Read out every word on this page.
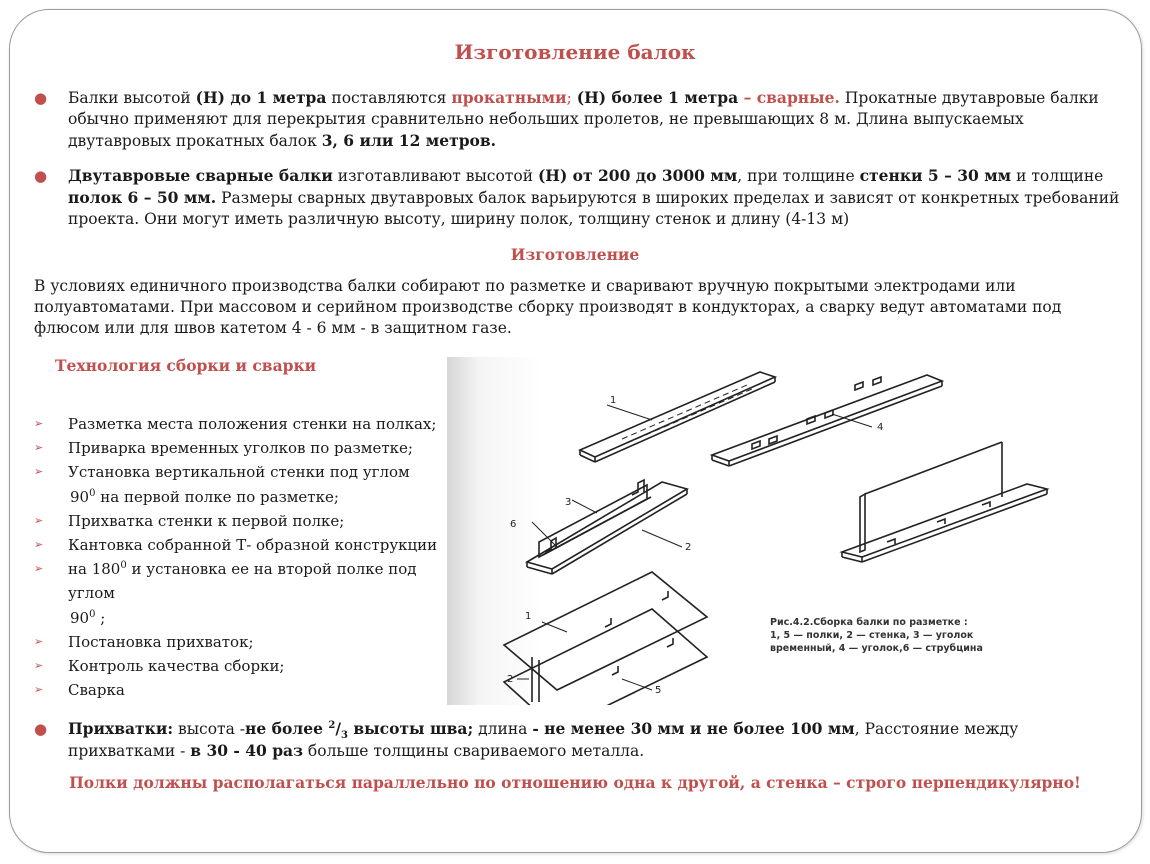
Изготовление балок
● Балки высотой (Н) до 1 метра поставляются прокатными; (Н) более 1 метра – сварные. Прокатные двутавровые балки обычно применяют для перекрытия сравнительно небольших пролетов, не превышающих 8 м. Длина выпускаемых двутавровых прокатных балок 3, 6 или 12 метров.
● Двутавровые сварные балки изготавливают высотой (Н) от 200 до 3000 мм, при толщине стенки 5 – 30 мм и толщине полок 6 – 50 мм. Размеры сварных двутавровых балок варьируются в широких пределах и зависят от конкретных требований проекта. Они могут иметь различную высоту, ширину полок, толщину стенок и длину (4-13 м)
Изготовление
В условиях единичного производства балки собирают по разметке и сваривают вручную покрытыми электродами или полуавтоматами. При массовом и серийном производстве сборку производят в кондукторах, а сварку ведут автоматами под флюсом или для швов катетом 4 - 6 мм - в защитном газе.
Технология сборки и сварки
➢ Разметка места положения стенки на полках;
➢ Приварка временных уголков по разметке;
➢ Установка вертикальной стенки под углом
$90^0$ на первой полке по разметке;
➢ Прихватка стенки к первой полке;
➢ Кантовка собранной Т- образной конструкции
➢ на $180^0$ и установка ее на второй полке под углом
$90^0$ ;
➢ Постановка прихваток;
➢ Контроль качества сборки;
➢ Сварка
1
4
3
6
2
1
2
5
Рис.4.2.Сборка балки по разметке :
1, 5 — полки, 2 — стенка, 3 — уголок
временный, 4 — уголок,6 — струбцина
● Прихватки: высота -не более $^2/_3$ высоты шва; длина - не менее 30 мм и не более 100 мм, Расстояние между прихватками - в 30 - 40 раз больше толщины свариваемого металла.
Полки должны располагаться параллельно по отношению одна к другой, а стенка – строго перпендикулярно!
